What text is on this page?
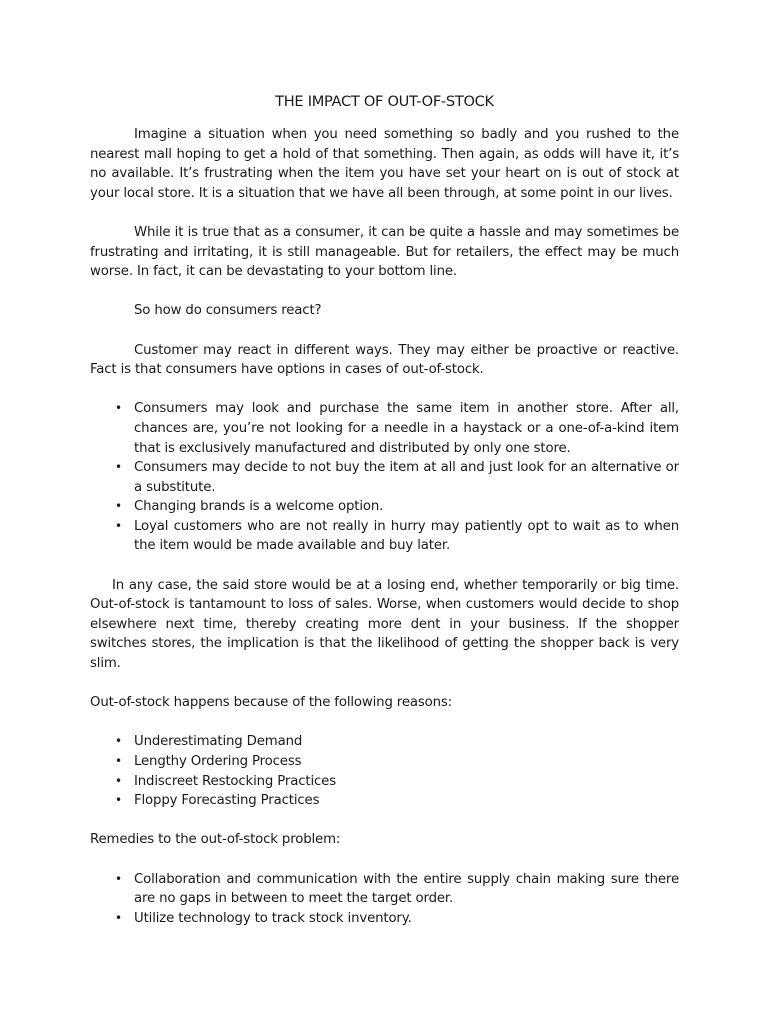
THE IMPACT OF OUT-OF-STOCK

Imagine a situation when you need something so badly and you rushed to the nearest mall hoping to get a hold of that something. Then again, as odds will have it, it’s no available. It’s frustrating when the item you have set your heart on is out of stock at your local store. It is a situation that we have all been through, at some point in our lives.

While it is true that as a consumer, it can be quite a hassle and may sometimes be frustrating and irritating, it is still manageable. But for retailers, the effect may be much worse. In fact, it can be devastating to your bottom line.

So how do consumers react?

Customer may react in different ways. They may either be proactive or reactive. Fact is that consumers have options in cases of out-of-stock.

• Consumers may look and purchase the same item in another store. After all, chances are, you’re not looking for a needle in a haystack or a one-of-a-kind item that is exclusively manufactured and distributed by only one store.
• Consumers may decide to not buy the item at all and just look for an alternative or a substitute.
• Changing brands is a welcome option.
• Loyal customers who are not really in hurry may patiently opt to wait as to when the item would be made available and buy later.

In any case, the said store would be at a losing end, whether temporarily or big time. Out-of-stock is tantamount to loss of sales. Worse, when customers would decide to shop elsewhere next time, thereby creating more dent in your business. If the shopper switches stores, the implication is that the likelihood of getting the shopper back is very slim.

Out-of-stock happens because of the following reasons:

• Underestimating Demand
• Lengthy Ordering Process
• Indiscreet Restocking Practices
• Floppy Forecasting Practices

Remedies to the out-of-stock problem:

• Collaboration and communication with the entire supply chain making sure there are no gaps in between to meet the target order.
• Utilize technology to track stock inventory.
